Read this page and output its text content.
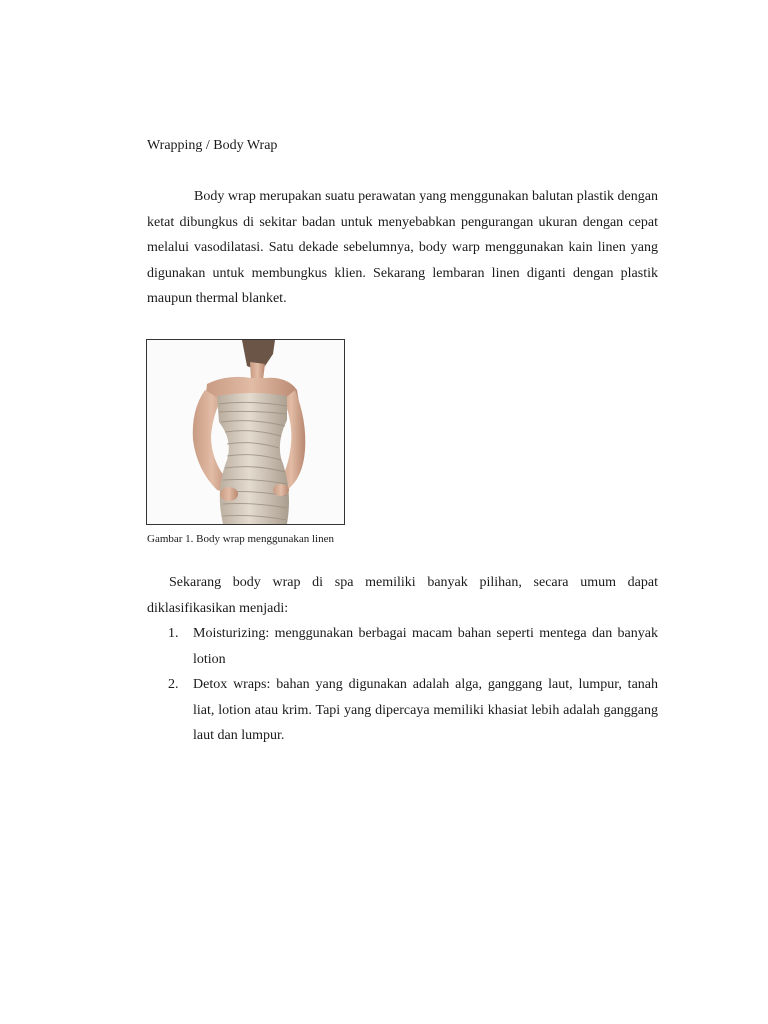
Wrapping / Body Wrap

Body wrap merupakan suatu perawatan yang menggunakan balutan plastik dengan ketat dibungkus di sekitar badan untuk menyebabkan pengurangan ukuran dengan cepat melalui vasodilatasi. Satu dekade sebelumnya, body warp menggunakan kain linen yang digunakan untuk membungkus klien. Sekarang lembaran linen diganti dengan plastik maupun thermal blanket.

Gambar 1. Body wrap menggunakan linen

Sekarang body wrap di spa memiliki banyak pilihan, secara umum dapat diklasifikasikan menjadi:

1. Moisturizing: menggunakan berbagai macam bahan seperti mentega dan banyak lotion
2. Detox wraps: bahan yang digunakan adalah alga, ganggang laut, lumpur, tanah liat, lotion atau krim. Tapi yang dipercaya memiliki khasiat lebih adalah ganggang laut dan lumpur.
